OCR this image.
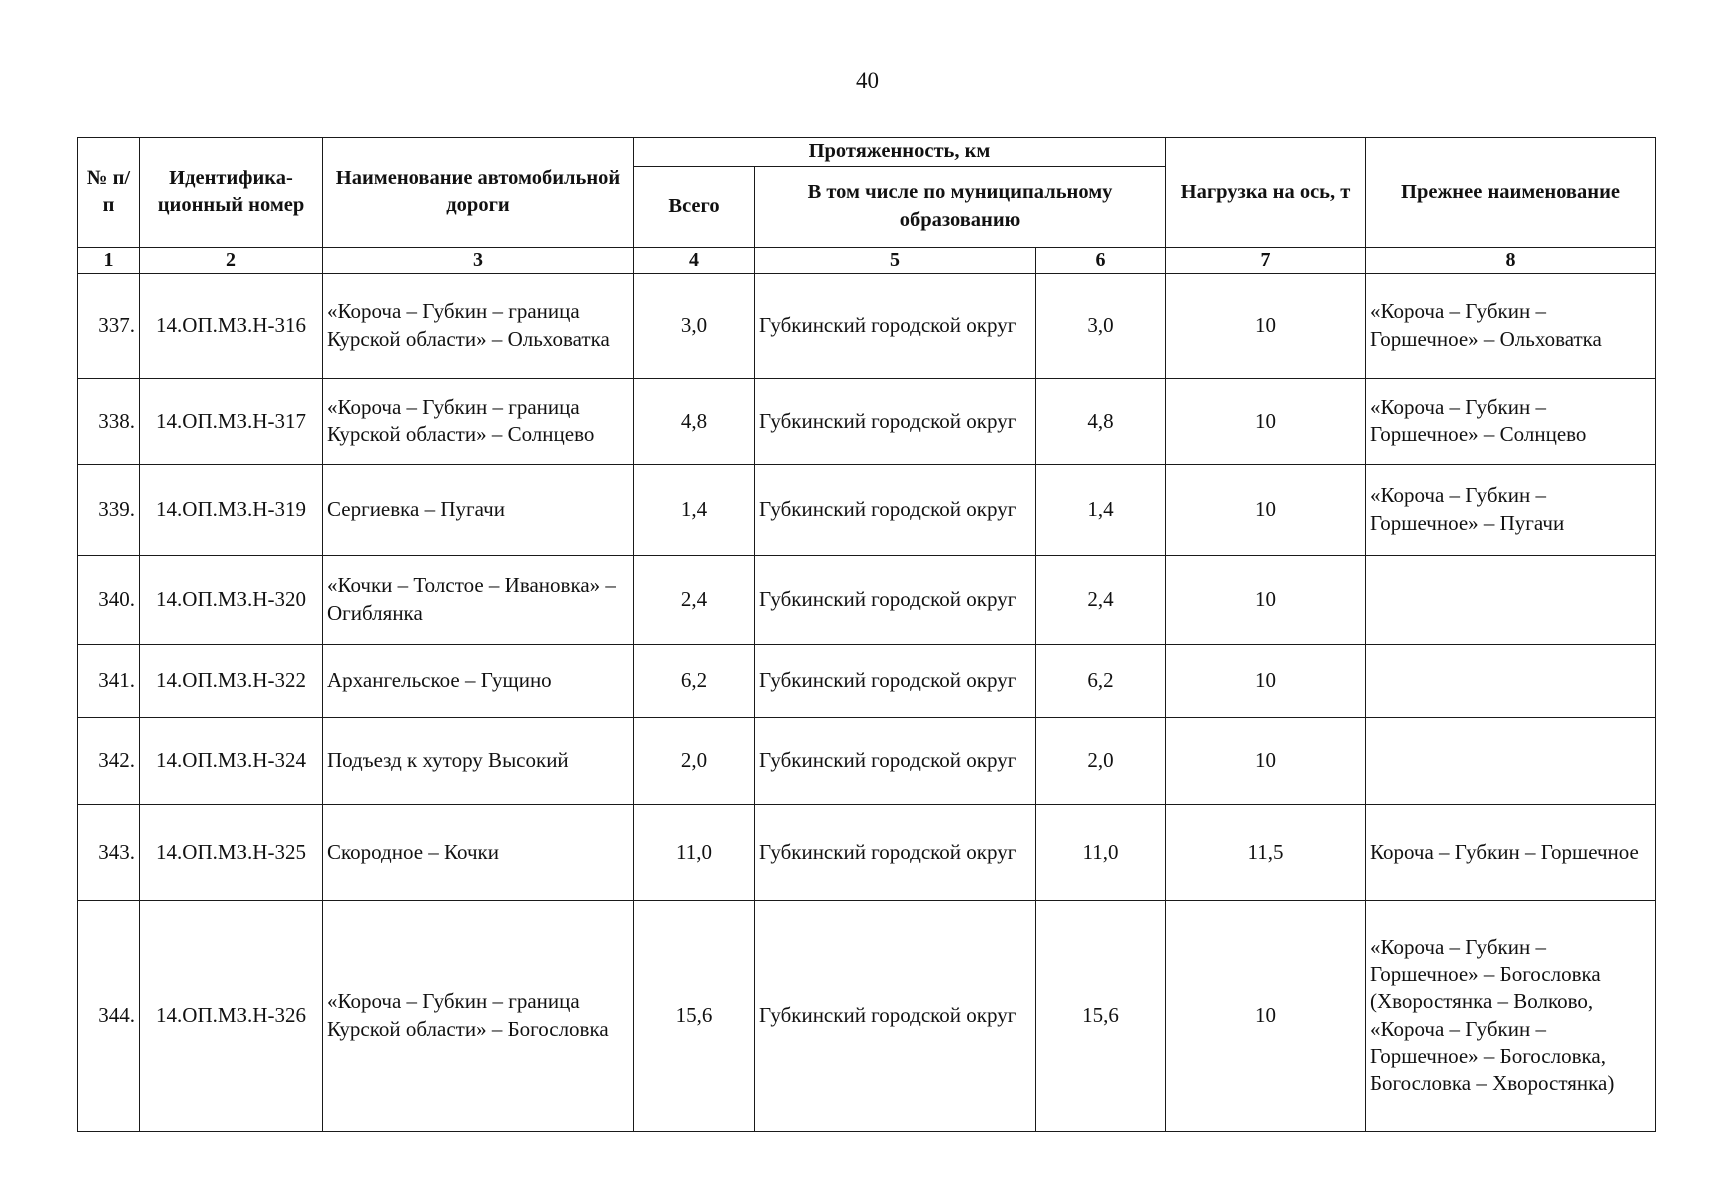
40
№ п/п	Идентифика-ционный номер	Наименование автомобильной дороги	Протяженность, км			Нагрузка на ось, т	Прежнее наименование
			Всего	В том числе по муниципальному образованию			
1	2	3	4	5	6	7	8
337.	14.ОП.МЗ.Н-316	«Короча – Губкин – граница Курской области» – Ольховатка	3,0	Губкинский городской округ	3,0	10	«Короча – Губкин – Горшечное» – Ольховатка
338.	14.ОП.МЗ.Н-317	«Короча – Губкин – граница Курской области» – Солнцево	4,8	Губкинский городской округ	4,8	10	«Короча – Губкин – Горшечное» – Солнцево
339.	14.ОП.МЗ.Н-319	Сергиевка – Пугачи	1,4	Губкинский городской округ	1,4	10	«Короча – Губкин – Горшечное» – Пугачи
340.	14.ОП.МЗ.Н-320	«Кочки – Толстое – Ивановка» – Огиблянка	2,4	Губкинский городской округ	2,4	10	
341.	14.ОП.МЗ.Н-322	Архангельское – Гущино	6,2	Губкинский городской округ	6,2	10	
342.	14.ОП.МЗ.Н-324	Подъезд к хутору Высокий	2,0	Губкинский городской округ	2,0	10	
343.	14.ОП.МЗ.Н-325	Скородное – Кочки	11,0	Губкинский городской округ	11,0	11,5	Короча – Губкин – Горшечное
344.	14.ОП.МЗ.Н-326	«Короча – Губкин – граница Курской области» – Богословка	15,6	Губкинский городской округ	15,6	10	«Короча – Губкин – Горшечное» – Богословка (Хворостянка – Волково, «Короча – Губкин – Горшечное» – Богословка, Богословка – Хворостянка)
